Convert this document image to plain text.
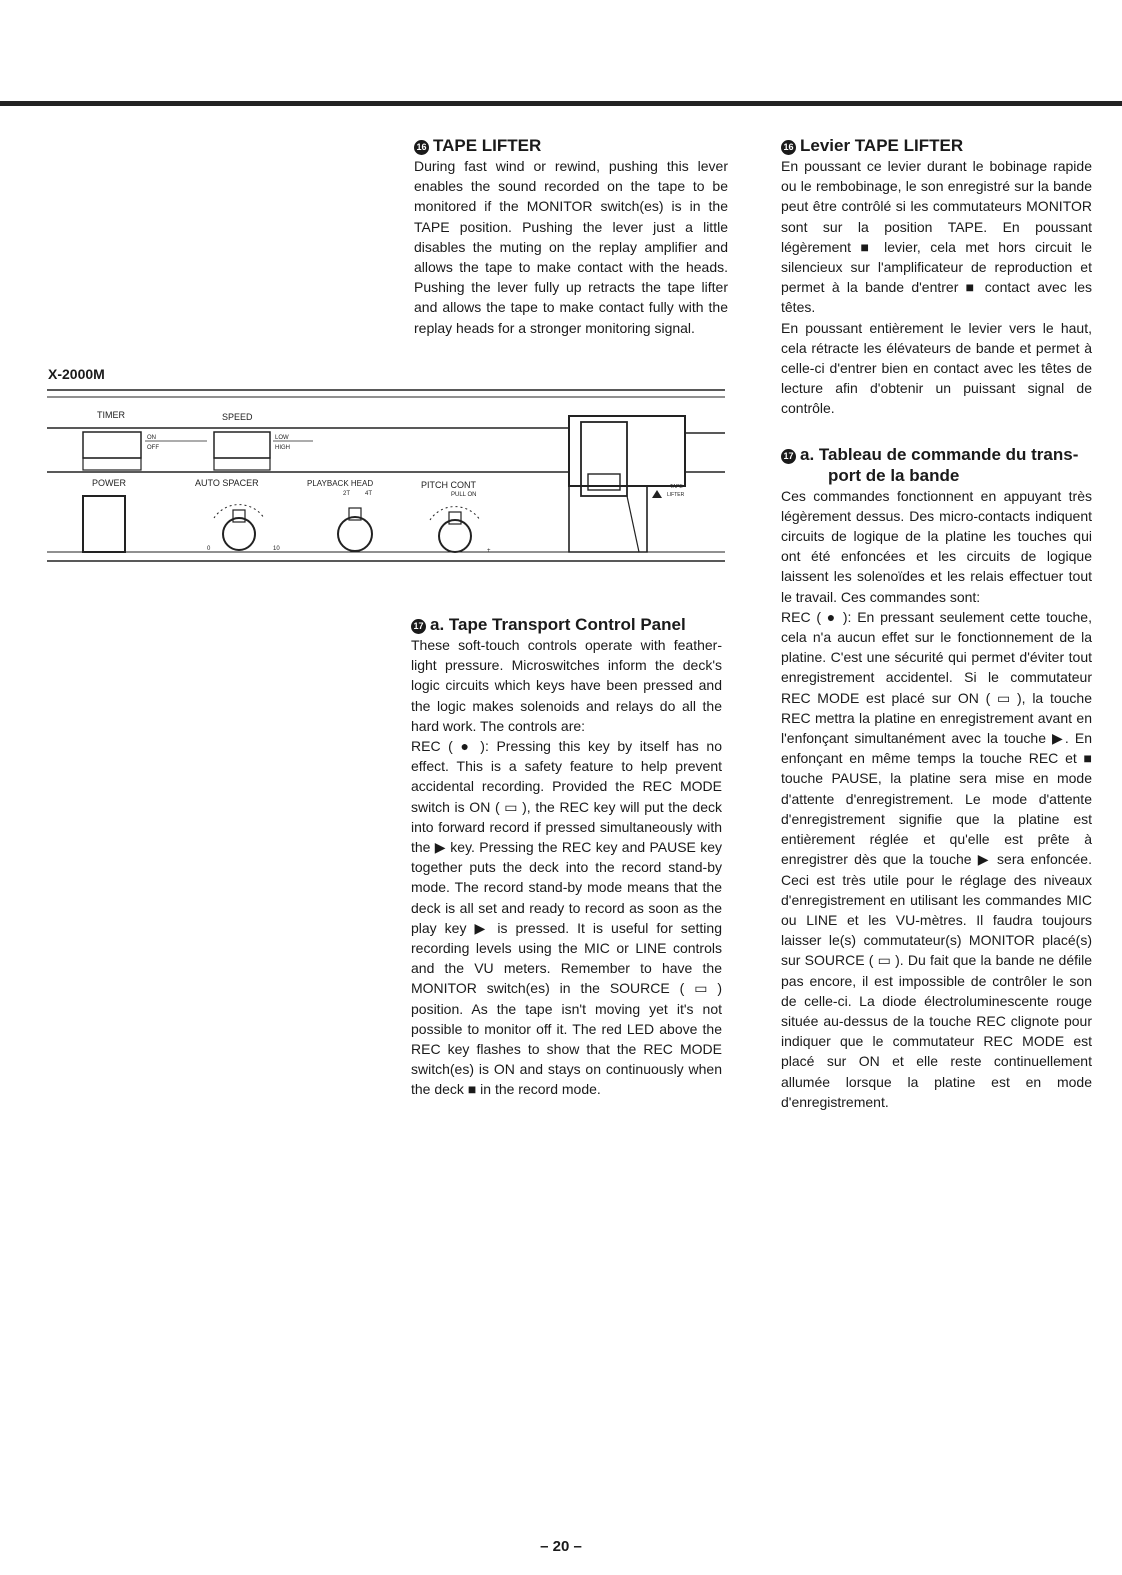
16 TAPE LIFTER

During fast wind or rewind, pushing this lever enables the sound recorded on the tape to be monitored if the MONITOR switch(es) is in the TAPE position. Pushing the lever just a little disables the muting on the replay amplifier and allows the tape to make contact with the heads. Pushing the lever fully up retracts the tape lifter and allows the tape to make contact fully with the replay heads for a stronger monitoring signal.

X-2000M
TIMER	SPEED
ON
OFF
LOW
HIGH
POWER	AUTO SPACER
0	10
PLAYBACK HEAD
2T 4T
PITCH CONT
PULL ON
+
TAPE
LIFTER
17 a. Tape Transport Control Panel

These soft-touch controls operate with feather-light pressure. Microswitches inform the deck's logic circuits which keys have been pressed and the logic makes solenoids and relays do all the hard work. The controls are:

REC ( ● ): Pressing this key by itself has no effect. This is a safety feature to help prevent accidental recording. Provided the REC MODE switch is ON ( ▭ ), the REC key will put the deck into forward record if pressed simultaneously with the ▶ key. Pressing the REC key and PAUSE key together puts the deck into the record stand-by mode. The record stand-by mode means that the deck is all set and ready to record as soon as the play key ▶ is pressed. It is useful for setting recording levels using the MIC or LINE controls and the VU meters. Remember to have the MONITOR switch(es) in the SOURCE ( ▭ ) position. As the tape isn't moving yet it's not possible to monitor off it. The red LED above the REC key flashes to show that the REC MODE switch(es) is ON and stays on continuously when the deck ■ in the record mode.

16 Levier TAPE LIFTER

En poussant ce levier durant le bobinage rapide ou le rembobinage, le son enregistré sur la bande peut être contrôlé si les commutateurs MONITOR sont sur la position TAPE. En poussant légèrement ■ levier, cela met hors circuit le silencieux sur l'amplificateur de reproduction et permet à la bande d'entrer ■ contact avec les têtes.

En poussant entièrement le levier vers le haut, cela rétracte les élévateurs de bande et permet à celle-ci d'entrer bien en contact avec les têtes de lecture afin d'obtenir un puissant signal de contrôle.

17 a. Tableau de commande du trans-
port de la bande

Ces commandes fonctionnent en appuyant très légèrement dessus. Des micro-contacts indiquent circuits de logique de la platine les touches qui ont été enfoncées et les circuits de logique laissent les solenoïdes et les relais effectuer tout le travail. Ces commandes sont:

REC ( ● ): En pressant seulement cette touche, cela n'a aucun effet sur le fonctionnement de la platine. C'est une sécurité qui permet d'éviter tout enregistrement accidentel. Si le commutateur REC MODE est placé sur ON ( ▭ ), la touche REC mettra la platine en enregistrement avant en l'enfonçant simultanément avec la touche ▶. En enfonçant en même temps la touche REC et ■ touche PAUSE, la platine sera mise en mode d'attente d'enregistrement. Le mode d'attente d'enregistrement signifie que la platine est entièrement réglée et qu'elle est prête à enregistrer dès que la touche ▶ sera enfoncée. Ceci est très utile pour le réglage des niveaux d'enregistrement en utilisant les commandes MIC ou LINE et les VU-mètres. Il faudra toujours laisser le(s) commutateur(s) MONITOR placé(s) sur SOURCE ( ▭ ). Du fait que la bande ne défile pas encore, il est impossible de contrôler le son de celle-ci. La diode électroluminescente rouge située au-dessus de la touche REC clignote pour indiquer que le commutateur REC MODE est placé sur ON et elle reste continuellement allumée lorsque la platine est en mode d'enregistrement.

– 20 –
